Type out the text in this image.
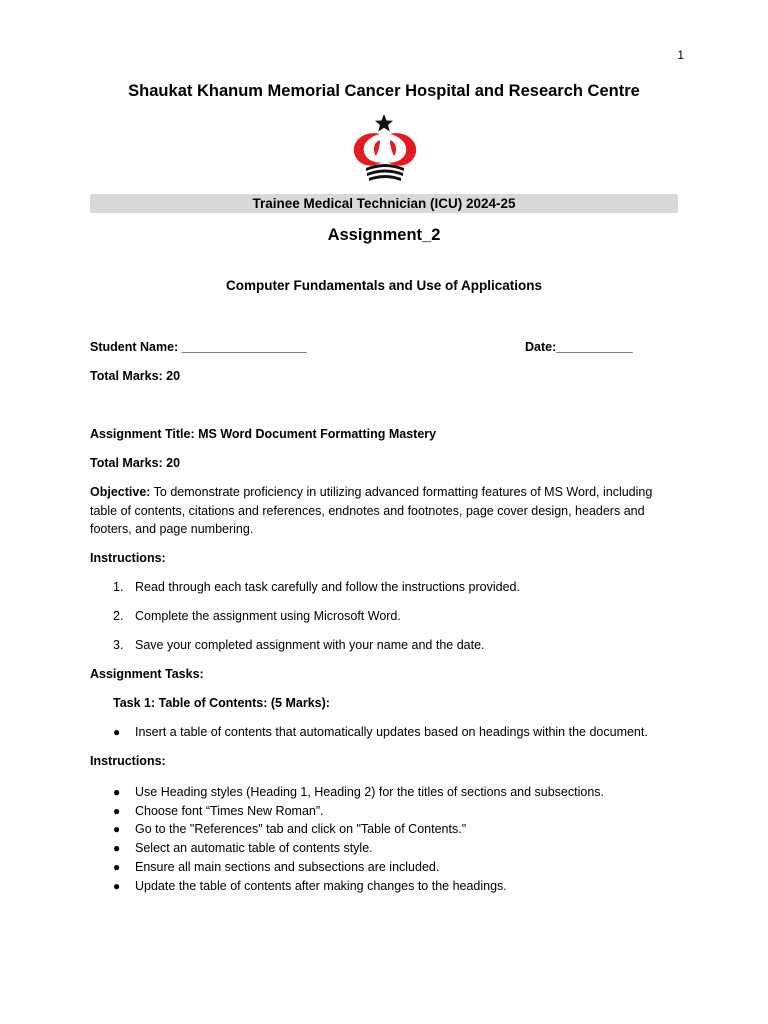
1
Shaukat Khanum Memorial Cancer Hospital and Research Centre
Trainee Medical Technician (ICU) 2024-25
Assignment_2
Computer Fundamentals and Use of Applications
Student Name: __________________	Date:___________
Total Marks: 20
Assignment Title: MS Word Document Formatting Mastery
Total Marks: 20
Objective: To demonstrate proficiency in utilizing advanced formatting features of MS Word, including table of contents, citations and references, endnotes and footnotes, page cover design, headers and footers, and page numbering.
Instructions:
1. Read through each task carefully and follow the instructions provided.
2. Complete the assignment using Microsoft Word.
3. Save your completed assignment with your name and the date.
Assignment Tasks:
Task 1: Table of Contents: (5 Marks):
● Insert a table of contents that automatically updates based on headings within the document.
Instructions:
● Use Heading styles (Heading 1, Heading 2) for the titles of sections and subsections.
● Choose font “Times New Roman”.
● Go to the "References" tab and click on "Table of Contents."
● Select an automatic table of contents style.
● Ensure all main sections and subsections are included.
● Update the table of contents after making changes to the headings.
